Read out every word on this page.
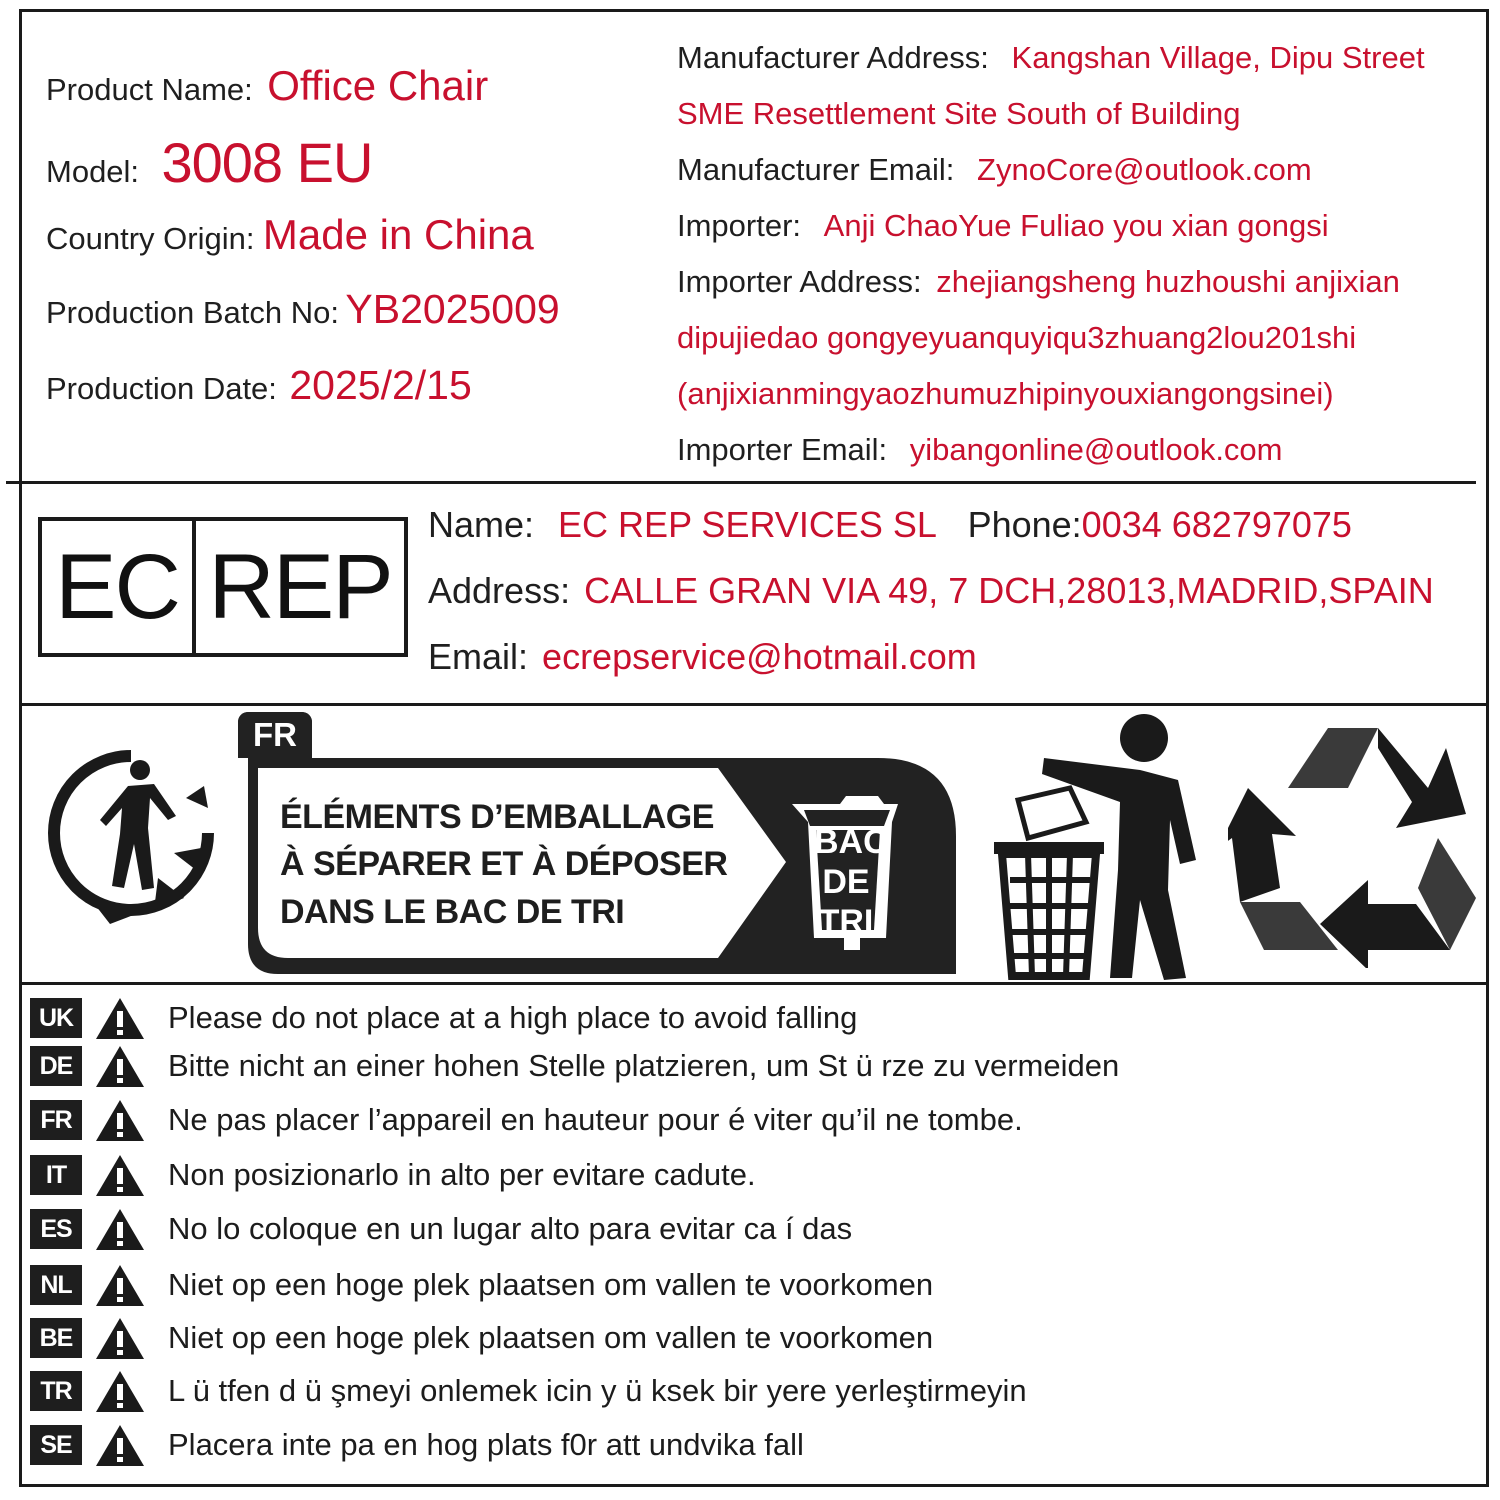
Product Name: Office Chair
Model: 3008 EU
Country Origin: Made in China
Production Batch No: YB2025009
Production Date: 2025/2/15
Manufacturer Address: Kangshan Village, Dipu Street
SME Resettlement Site South of Building
Manufacturer Email: ZynoCore@outlook.com
Importer: Anji ChaoYue Fuliao you xian gongsi
Importer Address: zhejiangsheng huzhoushi anjixian
dipujiedao gongyeyuanquyiqu3zhuang2lou201shi
(anjixianmingyaozhumuzhipinyouxiangongsinei)
Importer Email: yibangonline@outlook.com
EC REP
Name: EC REP SERVICES SL Phone:0034 682797075
Address: CALLE GRAN VIA 49, 7 DCH,28013,MADRID,SPAIN
Email: ecrepservice@hotmail.com
FR
ÉLÉMENTS D’EMBALLAGE
À SÉPARER ET À DÉPOSER
DANS LE BAC DE TRI
BAC
DE
TRI
UK	Please do not place at a high place to avoid falling
DE	Bitte nicht an einer hohen Stelle platzieren, um St ü rze zu vermeiden
FR	Ne pas placer l’appareil en hauteur pour é viter qu’il ne tombe.
IT	Non posizionarlo in alto per evitare cadute.
ES	No lo coloque en un lugar alto para evitar ca í das
NL	Niet op een hoge plek plaatsen om vallen te voorkomen
BE	Niet op een hoge plek plaatsen om vallen te voorkomen
TR	L ü tfen d ü şmeyi onlemek icin y ü ksek bir yere yerleştirmeyin
SE	Placera inte pa en hog plats f0r att undvika fall
